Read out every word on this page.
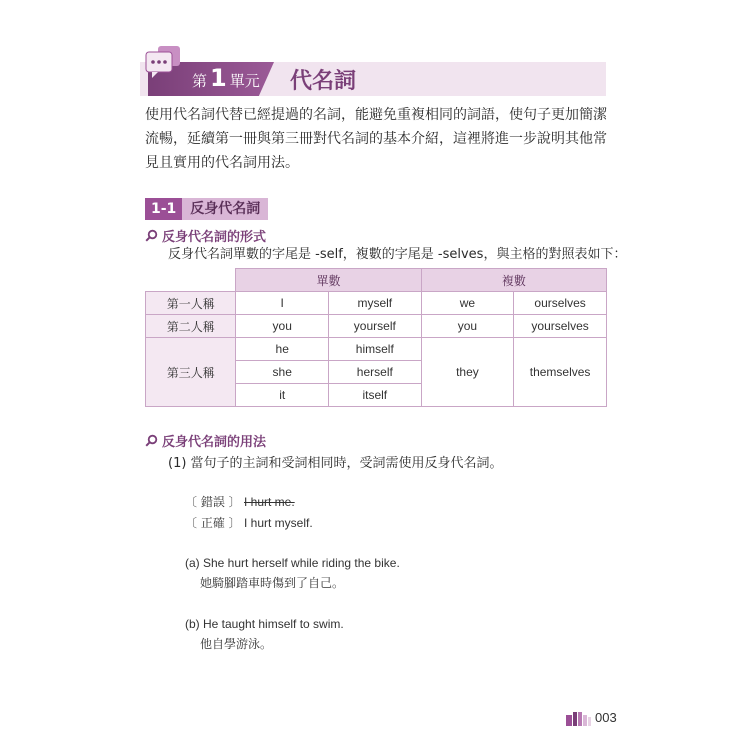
第 1 單元 代名詞
使用代名詞代替已經提過的名詞，能避免重複相同的詞語，使句子更加簡潔流暢，延續第一冊與第三冊對代名詞的基本介紹，這裡將進一步說明其他常見且實用的代名詞用法。
1-1	反身代名詞
反身代名詞的形式
反身代名詞單數的字尾是 -self，複數的字尾是 -selves，與主格的對照表如下：
	單數		複數	
第一人稱	I	myself	we	ourselves
第二人稱	you	yourself	you	yourselves
第三人稱	he	himself	they	themselves
	she	herself		
	it	itself		
反身代名詞的用法
(1) 當句子的主詞和受詞相同時，受詞需使用反身代名詞。
〔 錯誤 〕 I hurt me.
〔 正確 〕 I hurt myself.
(a) She hurt herself while riding the bike.
她騎腳踏車時傷到了自己。
(b) He taught himself to swim.
他自學游泳。
003
